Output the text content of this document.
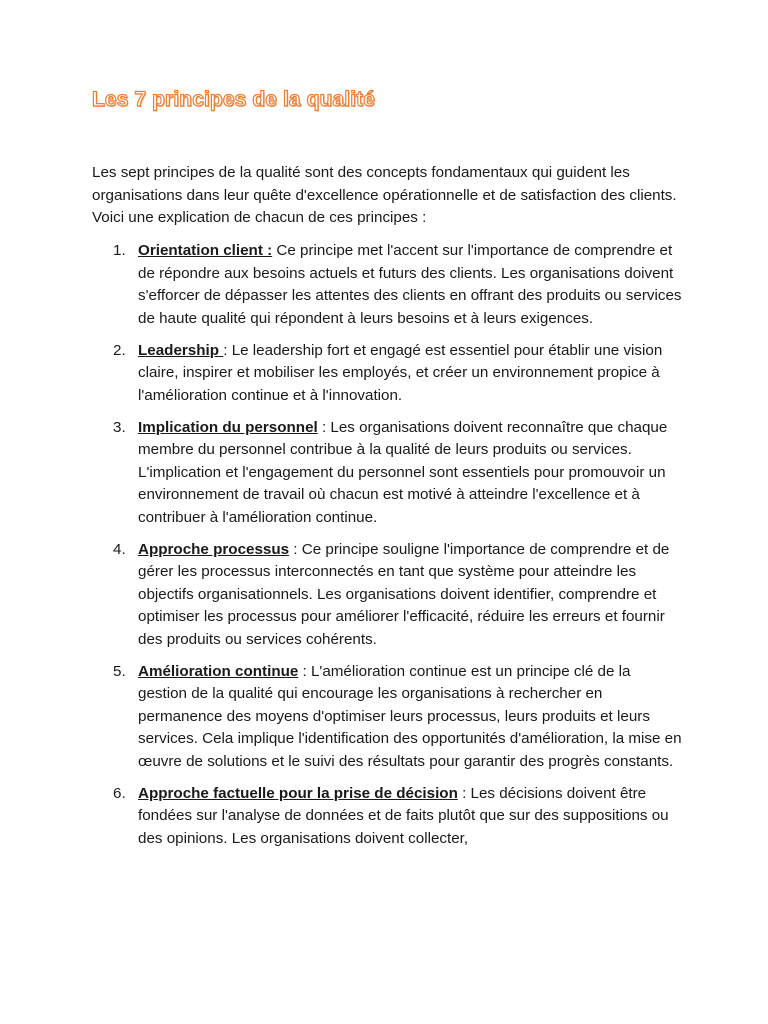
Les 7 principes de la qualité

Les sept principes de la qualité sont des concepts fondamentaux qui guident les organisations dans leur quête d'excellence opérationnelle et de satisfaction des clients. Voici une explication de chacun de ces principes :

1. Orientation client : Ce principe met l'accent sur l'importance de comprendre et de répondre aux besoins actuels et futurs des clients. Les organisations doivent s'efforcer de dépasser les attentes des clients en offrant des produits ou services de haute qualité qui répondent à leurs besoins et à leurs exigences.
2. Leadership : Le leadership fort et engagé est essentiel pour établir une vision claire, inspirer et mobiliser les employés, et créer un environnement propice à l'amélioration continue et à l'innovation.
3. Implication du personnel : Les organisations doivent reconnaître que chaque membre du personnel contribue à la qualité de leurs produits ou services. L'implication et l'engagement du personnel sont essentiels pour promouvoir un environnement de travail où chacun est motivé à atteindre l'excellence et à contribuer à l'amélioration continue.
4. Approche processus : Ce principe souligne l'importance de comprendre et de gérer les processus interconnectés en tant que système pour atteindre les objectifs organisationnels. Les organisations doivent identifier, comprendre et optimiser les processus pour améliorer l'efficacité, réduire les erreurs et fournir des produits ou services cohérents.
5. Amélioration continue : L'amélioration continue est un principe clé de la gestion de la qualité qui encourage les organisations à rechercher en permanence des moyens d'optimiser leurs processus, leurs produits et leurs services. Cela implique l'identification des opportunités d'amélioration, la mise en œuvre de solutions et le suivi des résultats pour garantir des progrès constants.
6. Approche factuelle pour la prise de décision : Les décisions doivent être fondées sur l'analyse de données et de faits plutôt que sur des suppositions ou des opinions. Les organisations doivent collecter,
